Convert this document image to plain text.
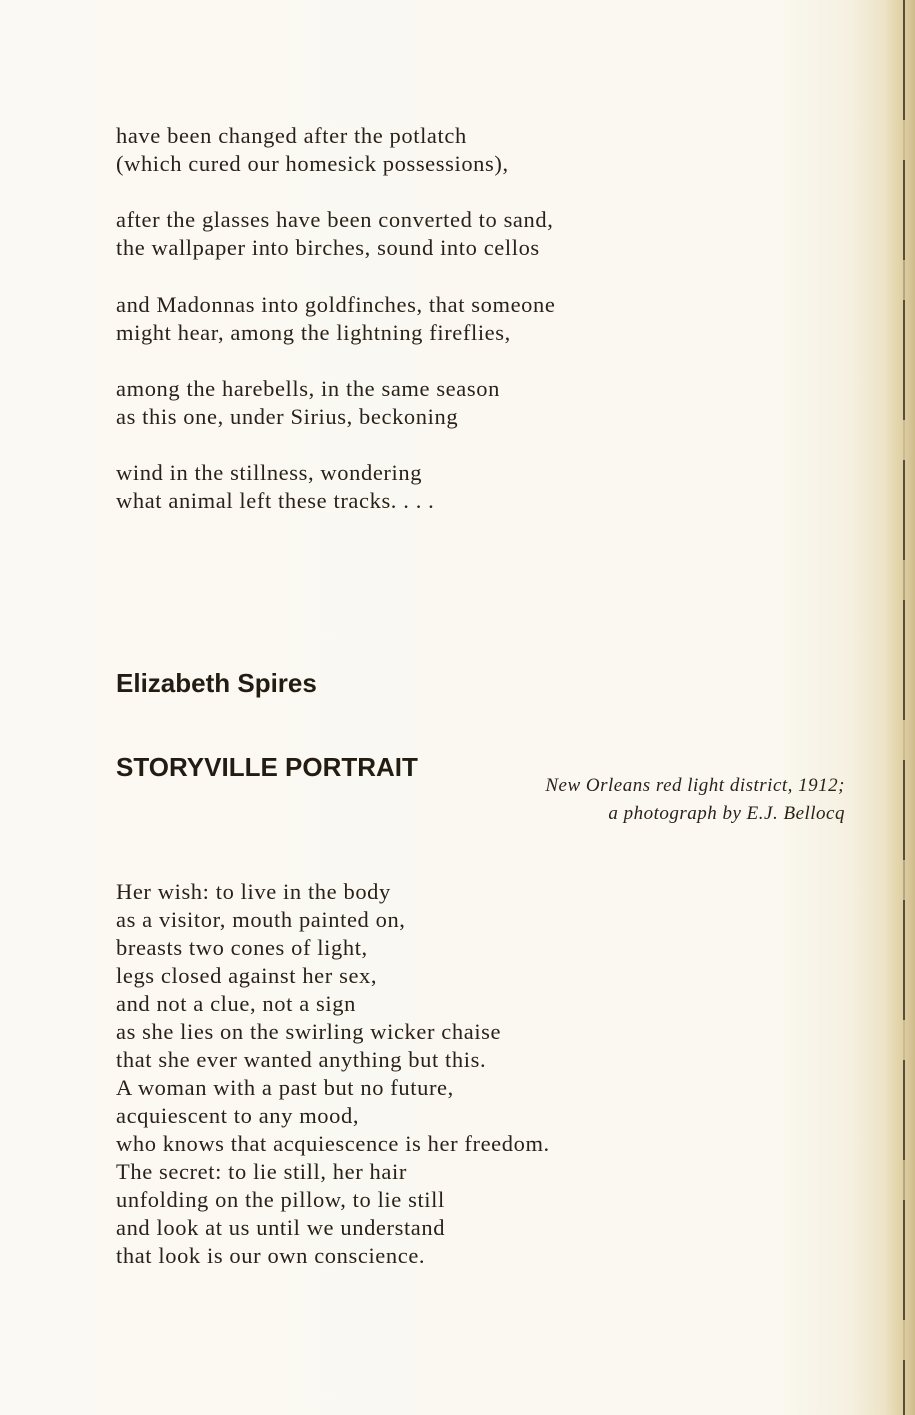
have been changed after the potlatch
(which cured our homesick possessions),
after the glasses have been converted to sand,
the wallpaper into birches, sound into cellos
and Madonnas into goldfinches, that someone
might hear, among the lightning fireflies,
among the harebells, in the same season
as this one, under Sirius, beckoning
wind in the stillness, wondering
what animal left these tracks. . . .
Elizabeth Spires
STORYVILLE PORTRAIT
New Orleans red light district, 1912;
a photograph by E.J. Bellocq
Her wish: to live in the body
as a visitor, mouth painted on,
breasts two cones of light,
legs closed against her sex,
and not a clue, not a sign
as she lies on the swirling wicker chaise
that she ever wanted anything but this.
A woman with a past but no future,
acquiescent to any mood,
who knows that acquiescence is her freedom.
The secret: to lie still, her hair
unfolding on the pillow, to lie still
and look at us until we understand
that look is our own conscience.
